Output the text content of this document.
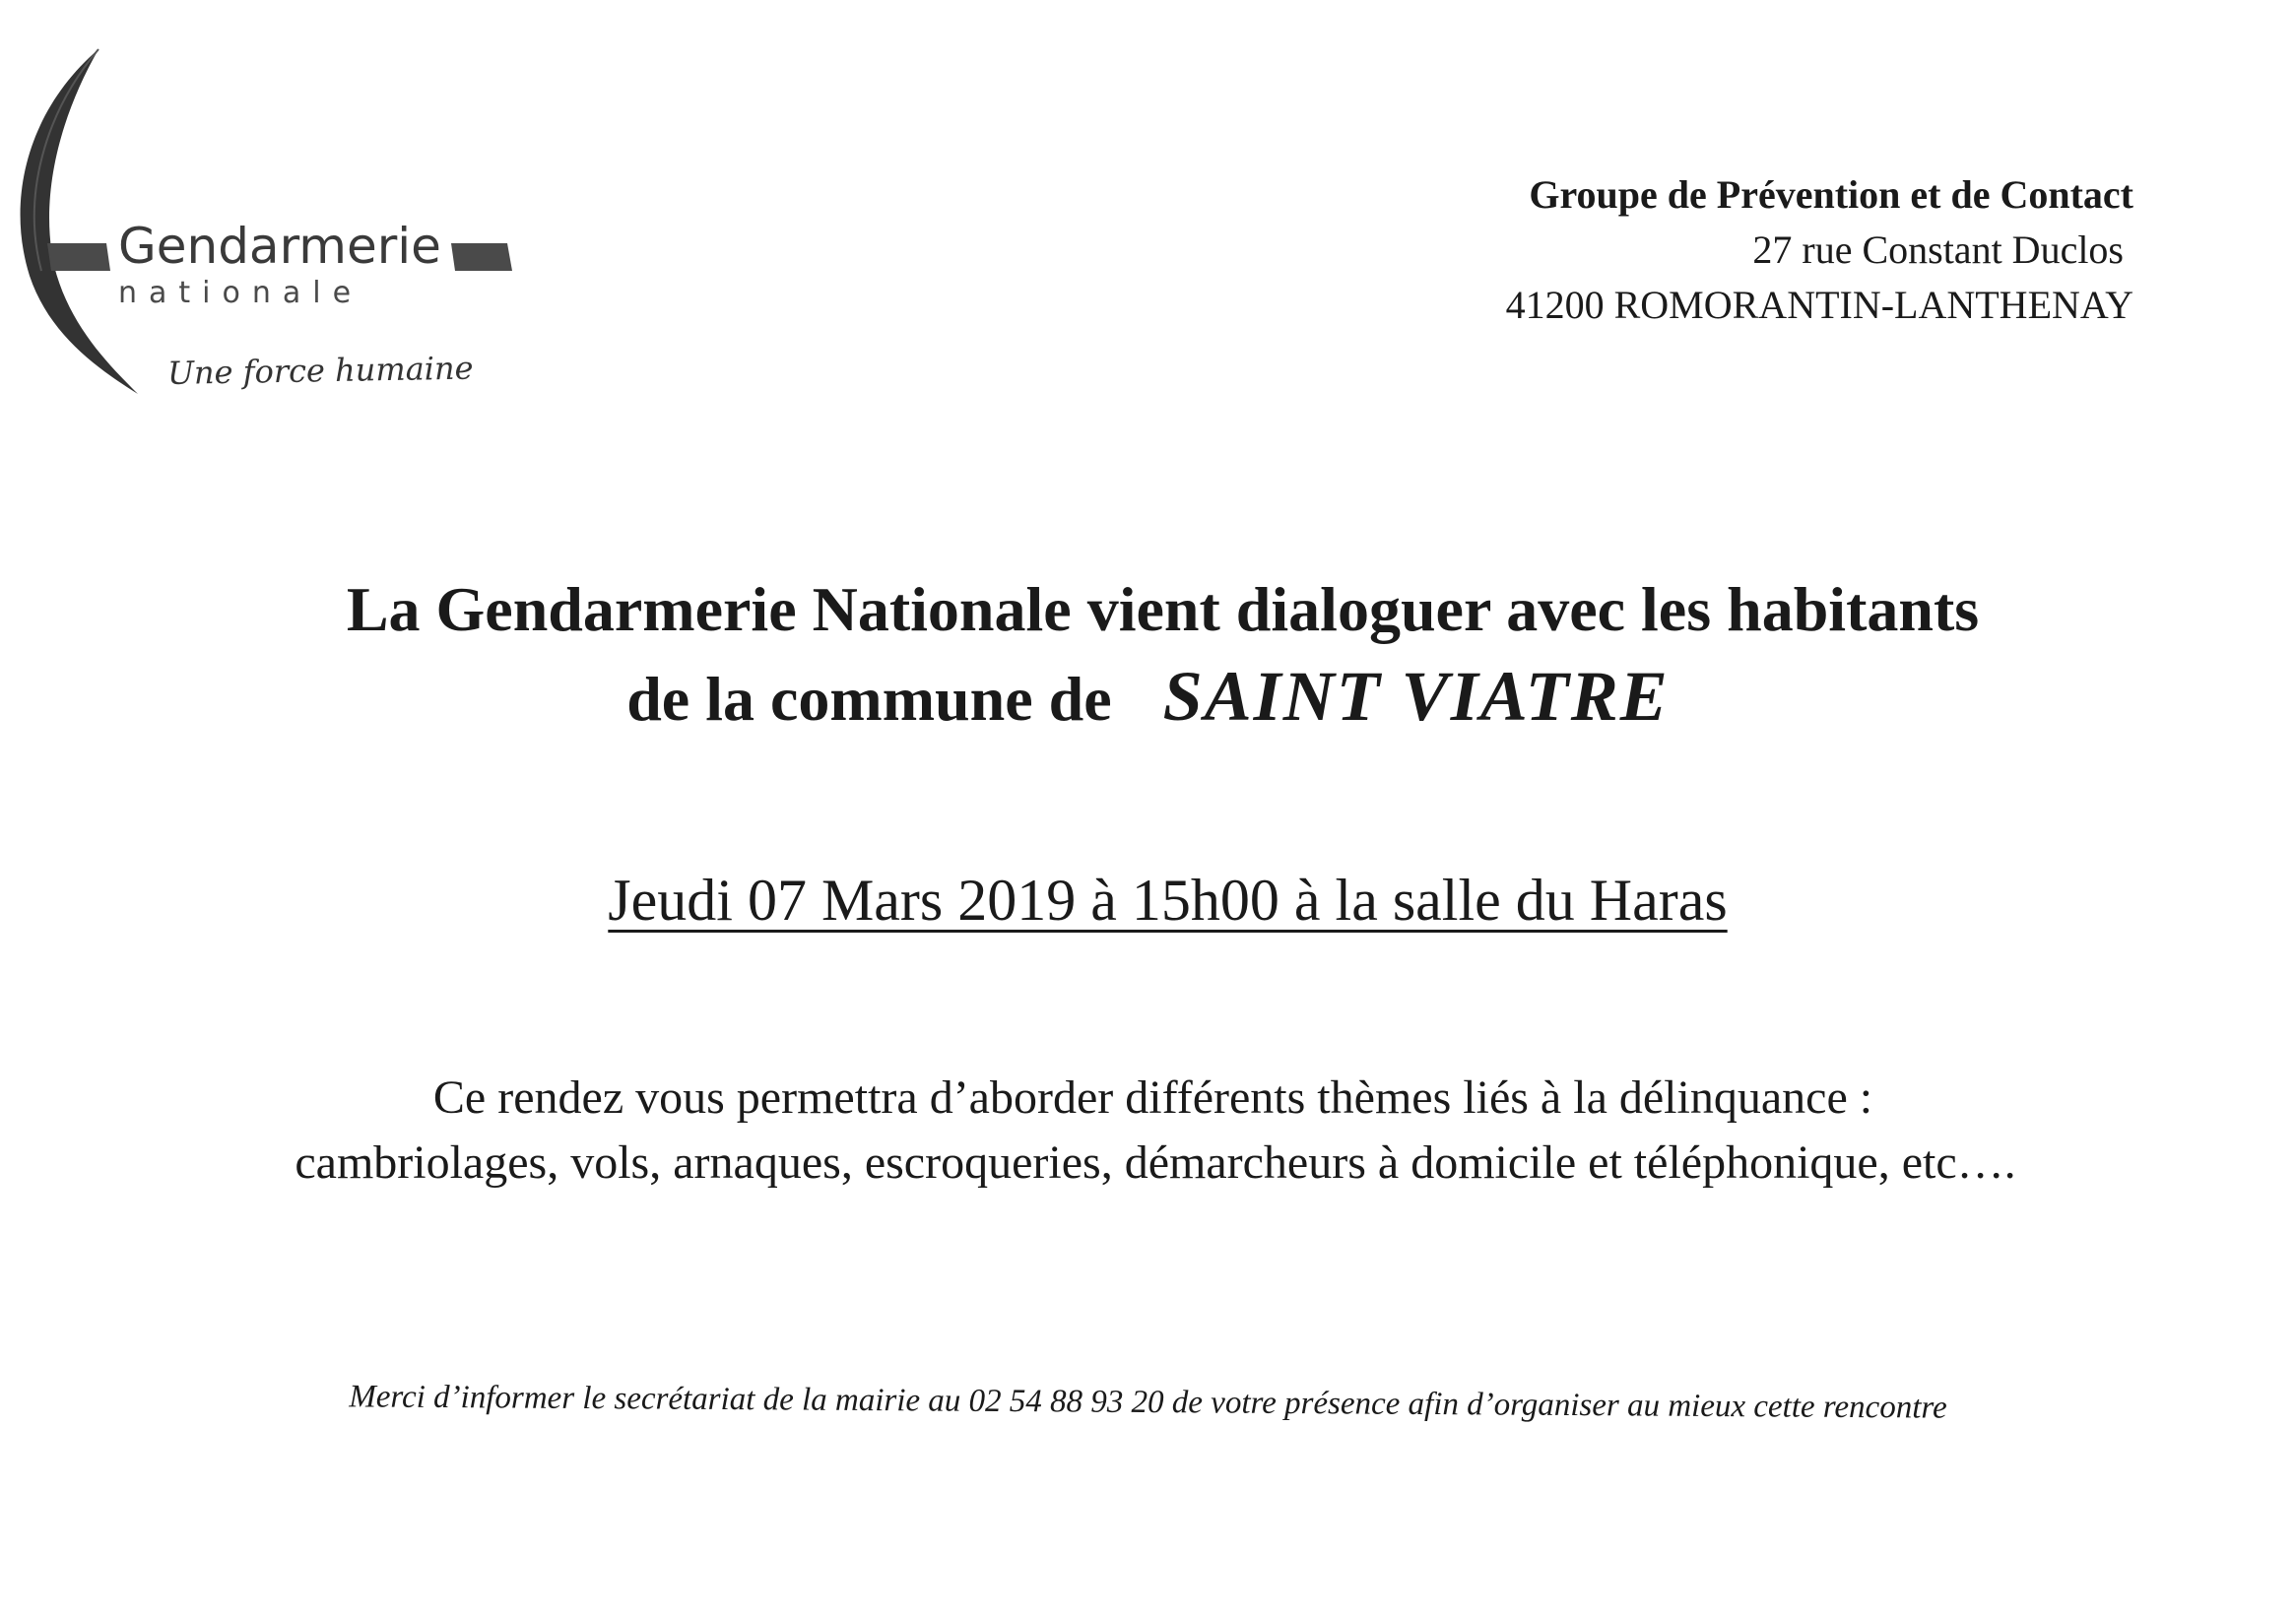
Gendarmerie
nationale
Une force humaine
Groupe de Prévention et de Contact
27 rue Constant Duclos
41200 ROMORANTIN-LANTHENAY
La Gendarmerie Nationale vient dialoguer avec les habitants
de la commune de SAINT VIATRE
Jeudi 07 Mars 2019 à 15h00 à la salle du Haras
Ce rendez vous permettra d’aborder différents thèmes liés à la délinquance :
cambriolages, vols, arnaques, escroqueries, démarcheurs à domicile et téléphonique, etc….
Merci d’informer le secrétariat de la mairie au 02 54 88 93 20 de votre présence afin d’organiser au mieux cette rencontre
